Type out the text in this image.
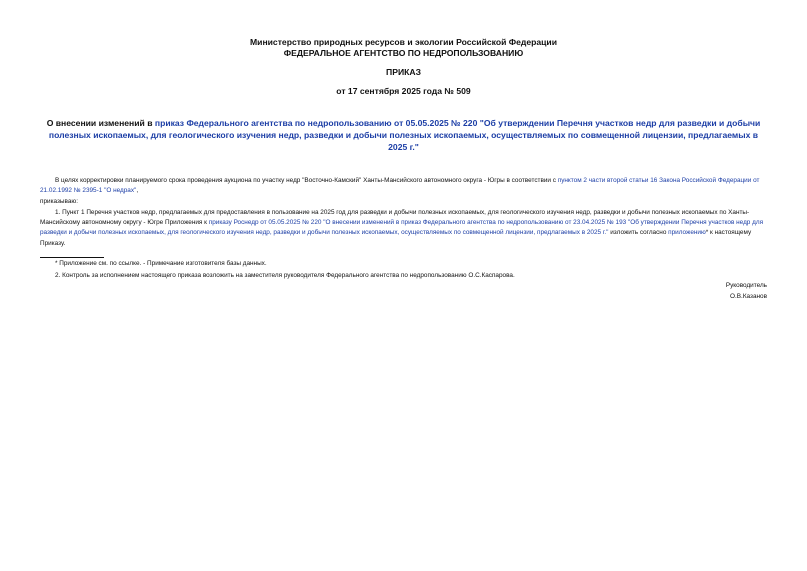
Министерство природных ресурсов и экологии Российской Федерации
ФЕДЕРАЛЬНОЕ АГЕНТСТВО ПО НЕДРОПОЛЬЗОВАНИЮ
ПРИКАЗ
от 17 сентября 2025 года № 509
О внесении изменений в приказ Федерального агентства по недропользованию от 05.05.2025 № 220 "Об утверждении Перечня участков недр для разведки и добычи полезных ископаемых, для геологического изучения недр, разведки и добычи полезных ископаемых, осуществляемых по совмещенной лицензии, предлагаемых в 2025 г."
В целях корректировки планируемого срока проведения аукциона по участку недр "Восточно-Камский" Ханты-Мансийского автономного округа - Югры в соответствии с пунктом 2 части второй статьи 16 Закона Российской Федерации от 21.02.1992 № 2395-1 "О недрах",
приказываю:
1. Пункт 1 Перечня участков недр, предлагаемых для предоставления в пользование на 2025 год для разведки и добычи полезных ископаемых, для геологического изучения недр, разведки и добычи полезных ископаемых по Ханты-Мансийскому автономному округу - Югре Приложения к приказу Роснедр от 05.05.2025 № 220 "О внесении изменений в приказ Федерального агентства по недропользованию от 23.04.2025 № 193 "Об утверждении Перечня участков недр для разведки и добычи полезных ископаемых, для геологического изучения недр, разведки и добычи полезных ископаемых, осуществляемых по совмещенной лицензии, предлагаемых в 2025 г." изложить согласно приложению* к настоящему Приказу.
* Приложение см. по ссылке. - Примечание изготовителя базы данных.
2. Контроль за исполнением настоящего приказа возложить на заместителя руководителя Федерального агентства по недропользованию О.С.Каспарова.
Руководитель
О.В.Казанов
